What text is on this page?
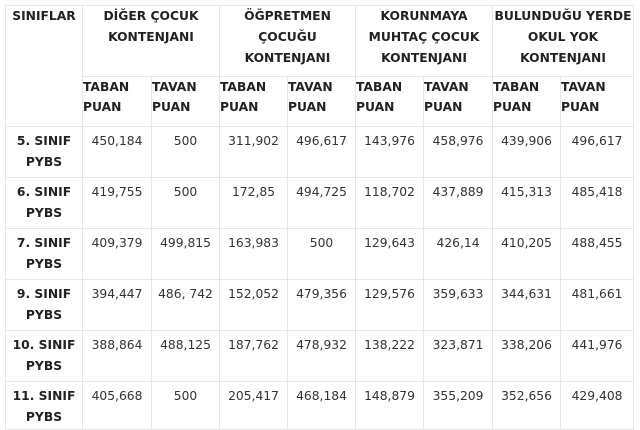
SINIFLAR	DİĞER ÇOCUK KONTENJANI		ÖĞPRETMEN ÇOCUĞU KONTENJANI		KORUNMAYA MUHTAÇ ÇOCUK KONTENJANI		BULUNDUĞU YERDE OKUL YOK KONTENJANI	
	TABAN PUAN	TAVAN PUAN	TABAN PUAN	TAVAN PUAN	TABAN PUAN	TAVAN PUAN	TABAN PUAN	TAVAN PUAN
5. SINIF PYBS	450,184	500	311,902	496,617	143,976	458,976	439,906	496,617
6. SINIF PYBS	419,755	500	172,85	494,725	118,702	437,889	415,313	485,418
7. SINIF PYBS	409,379	499,815	163,983	500	129,643	426,14	410,205	488,455
9. SINIF PYBS	394,447	486, 742	152,052	479,356	129,576	359,633	344,631	481,661
10. SINIF PYBS	388,864	488,125	187,762	478,932	138,222	323,871	338,206	441,976
11. SINIF PYBS	405,668	500	205,417	468,184	148,879	355,209	352,656	429,408
